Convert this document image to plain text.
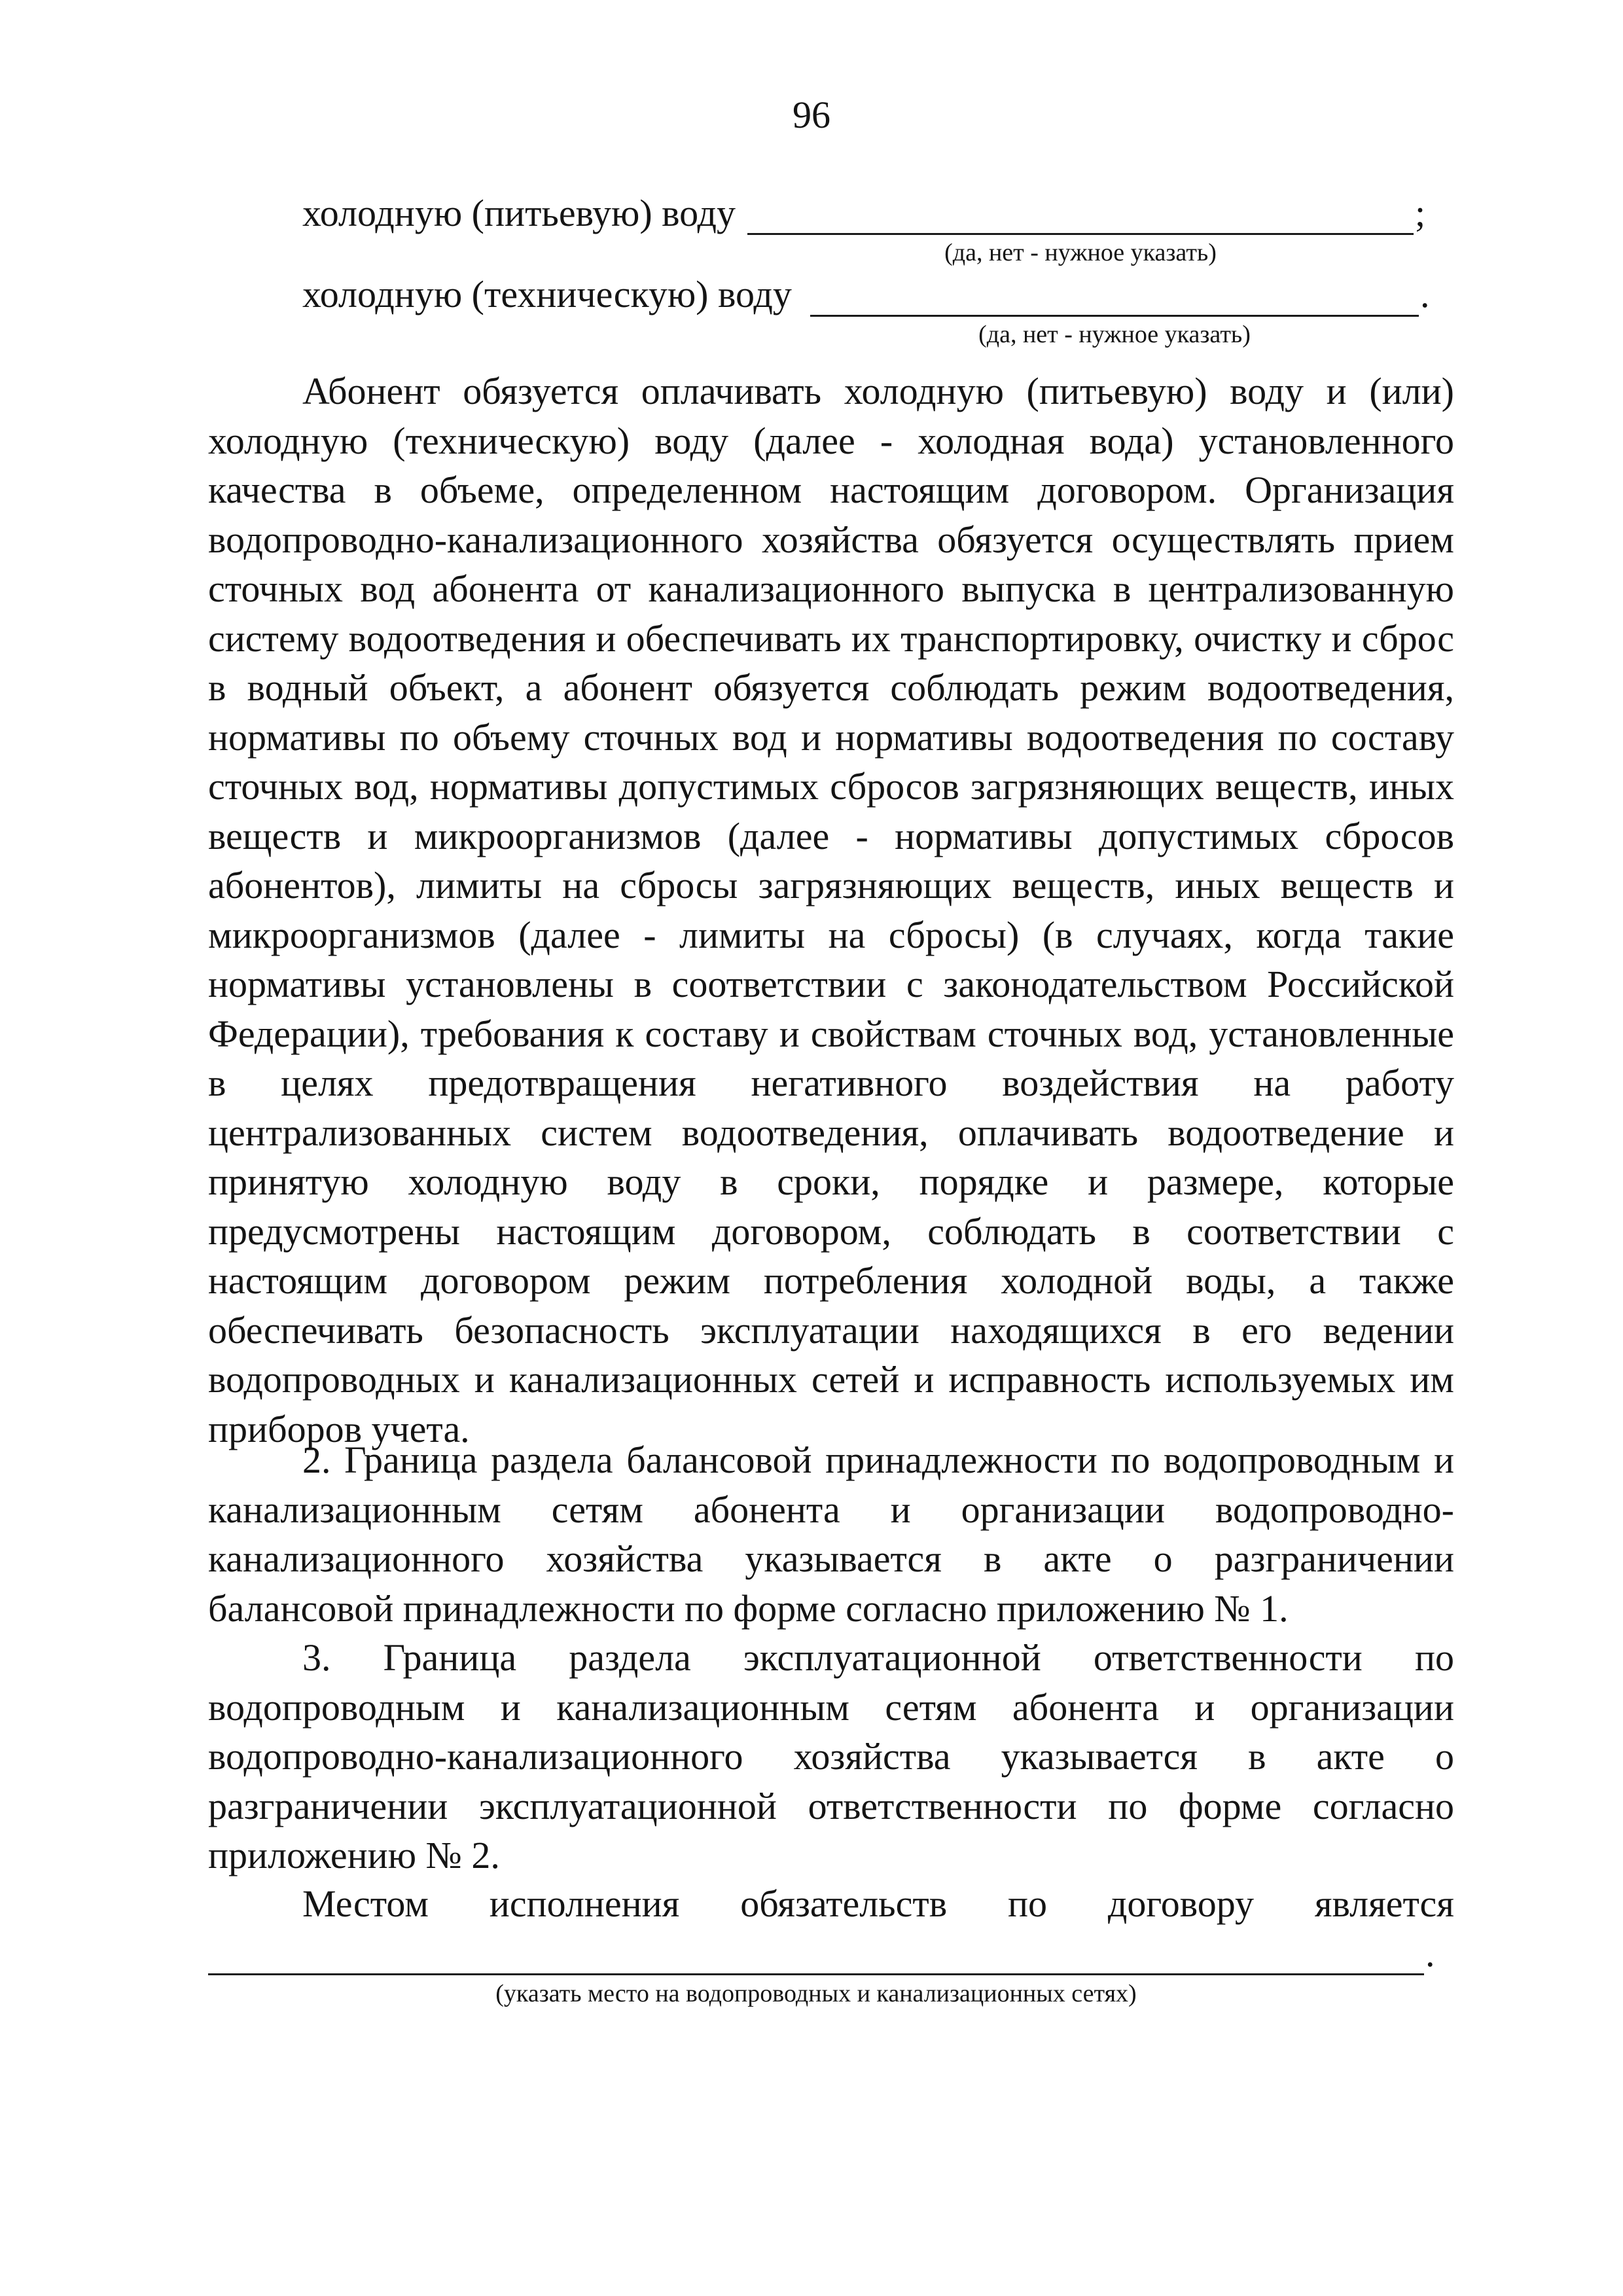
96
холодную (питьевую) воду	;
(да, нет - нужное указать)
холодную (техническую) воду	.
(да, нет - нужное указать)

Абонент обязуется оплачивать холодную (питьевую) воду и (или) холодную (техническую) воду (далее - холодная вода) установленного качества в объеме, определенном настоящим договором. Организация водопроводно-канализационного хозяйства обязуется осуществлять прием сточных вод абонента от канализационного выпуска в централизованную систему водоотведения и обеспечивать их транспортировку, очистку и сброс в водный объект, а абонент обязуется соблюдать режим водоотведения, нормативы по объему сточных вод и нормативы водоотведения по составу сточных вод, нормативы допустимых сбросов загрязняющих веществ, иных веществ и микроорганизмов (далее - нормативы допустимых сбросов абонентов), лимиты на сбросы загрязняющих веществ, иных веществ и микроорганизмов (далее - лимиты на сбросы) (в случаях, когда такие нормативы установлены в соответствии с законодательством Российской Федерации), требования к составу и свойствам сточных вод, установленные в целях предотвращения негативного воздействия на работу централизованных систем водоотведения, оплачивать водоотведение и принятую холодную воду в сроки, порядке и размере, которые предусмотрены настоящим договором, соблюдать в соответствии с настоящим договором режим потребления холодной воды, а также обеспечивать безопасность эксплуатации находящихся в его ведении водопроводных и канализационных сетей и исправность используемых им приборов учета.

2. Граница раздела балансовой принадлежности по водопроводным и канализационным сетям абонента и организации водопроводно-канализационного хозяйства указывается в акте о разграничении балансовой принадлежности по форме согласно приложению № 1.

3. Граница раздела эксплуатационной ответственности по водопроводным и канализационным сетям абонента и организации водопроводно-канализационного хозяйства указывается в акте о разграничении эксплуатационной ответственности по форме согласно приложению № 2.

Местом исполнения обязательств по договору является
.
(указать место на водопроводных и канализационных сетях)
